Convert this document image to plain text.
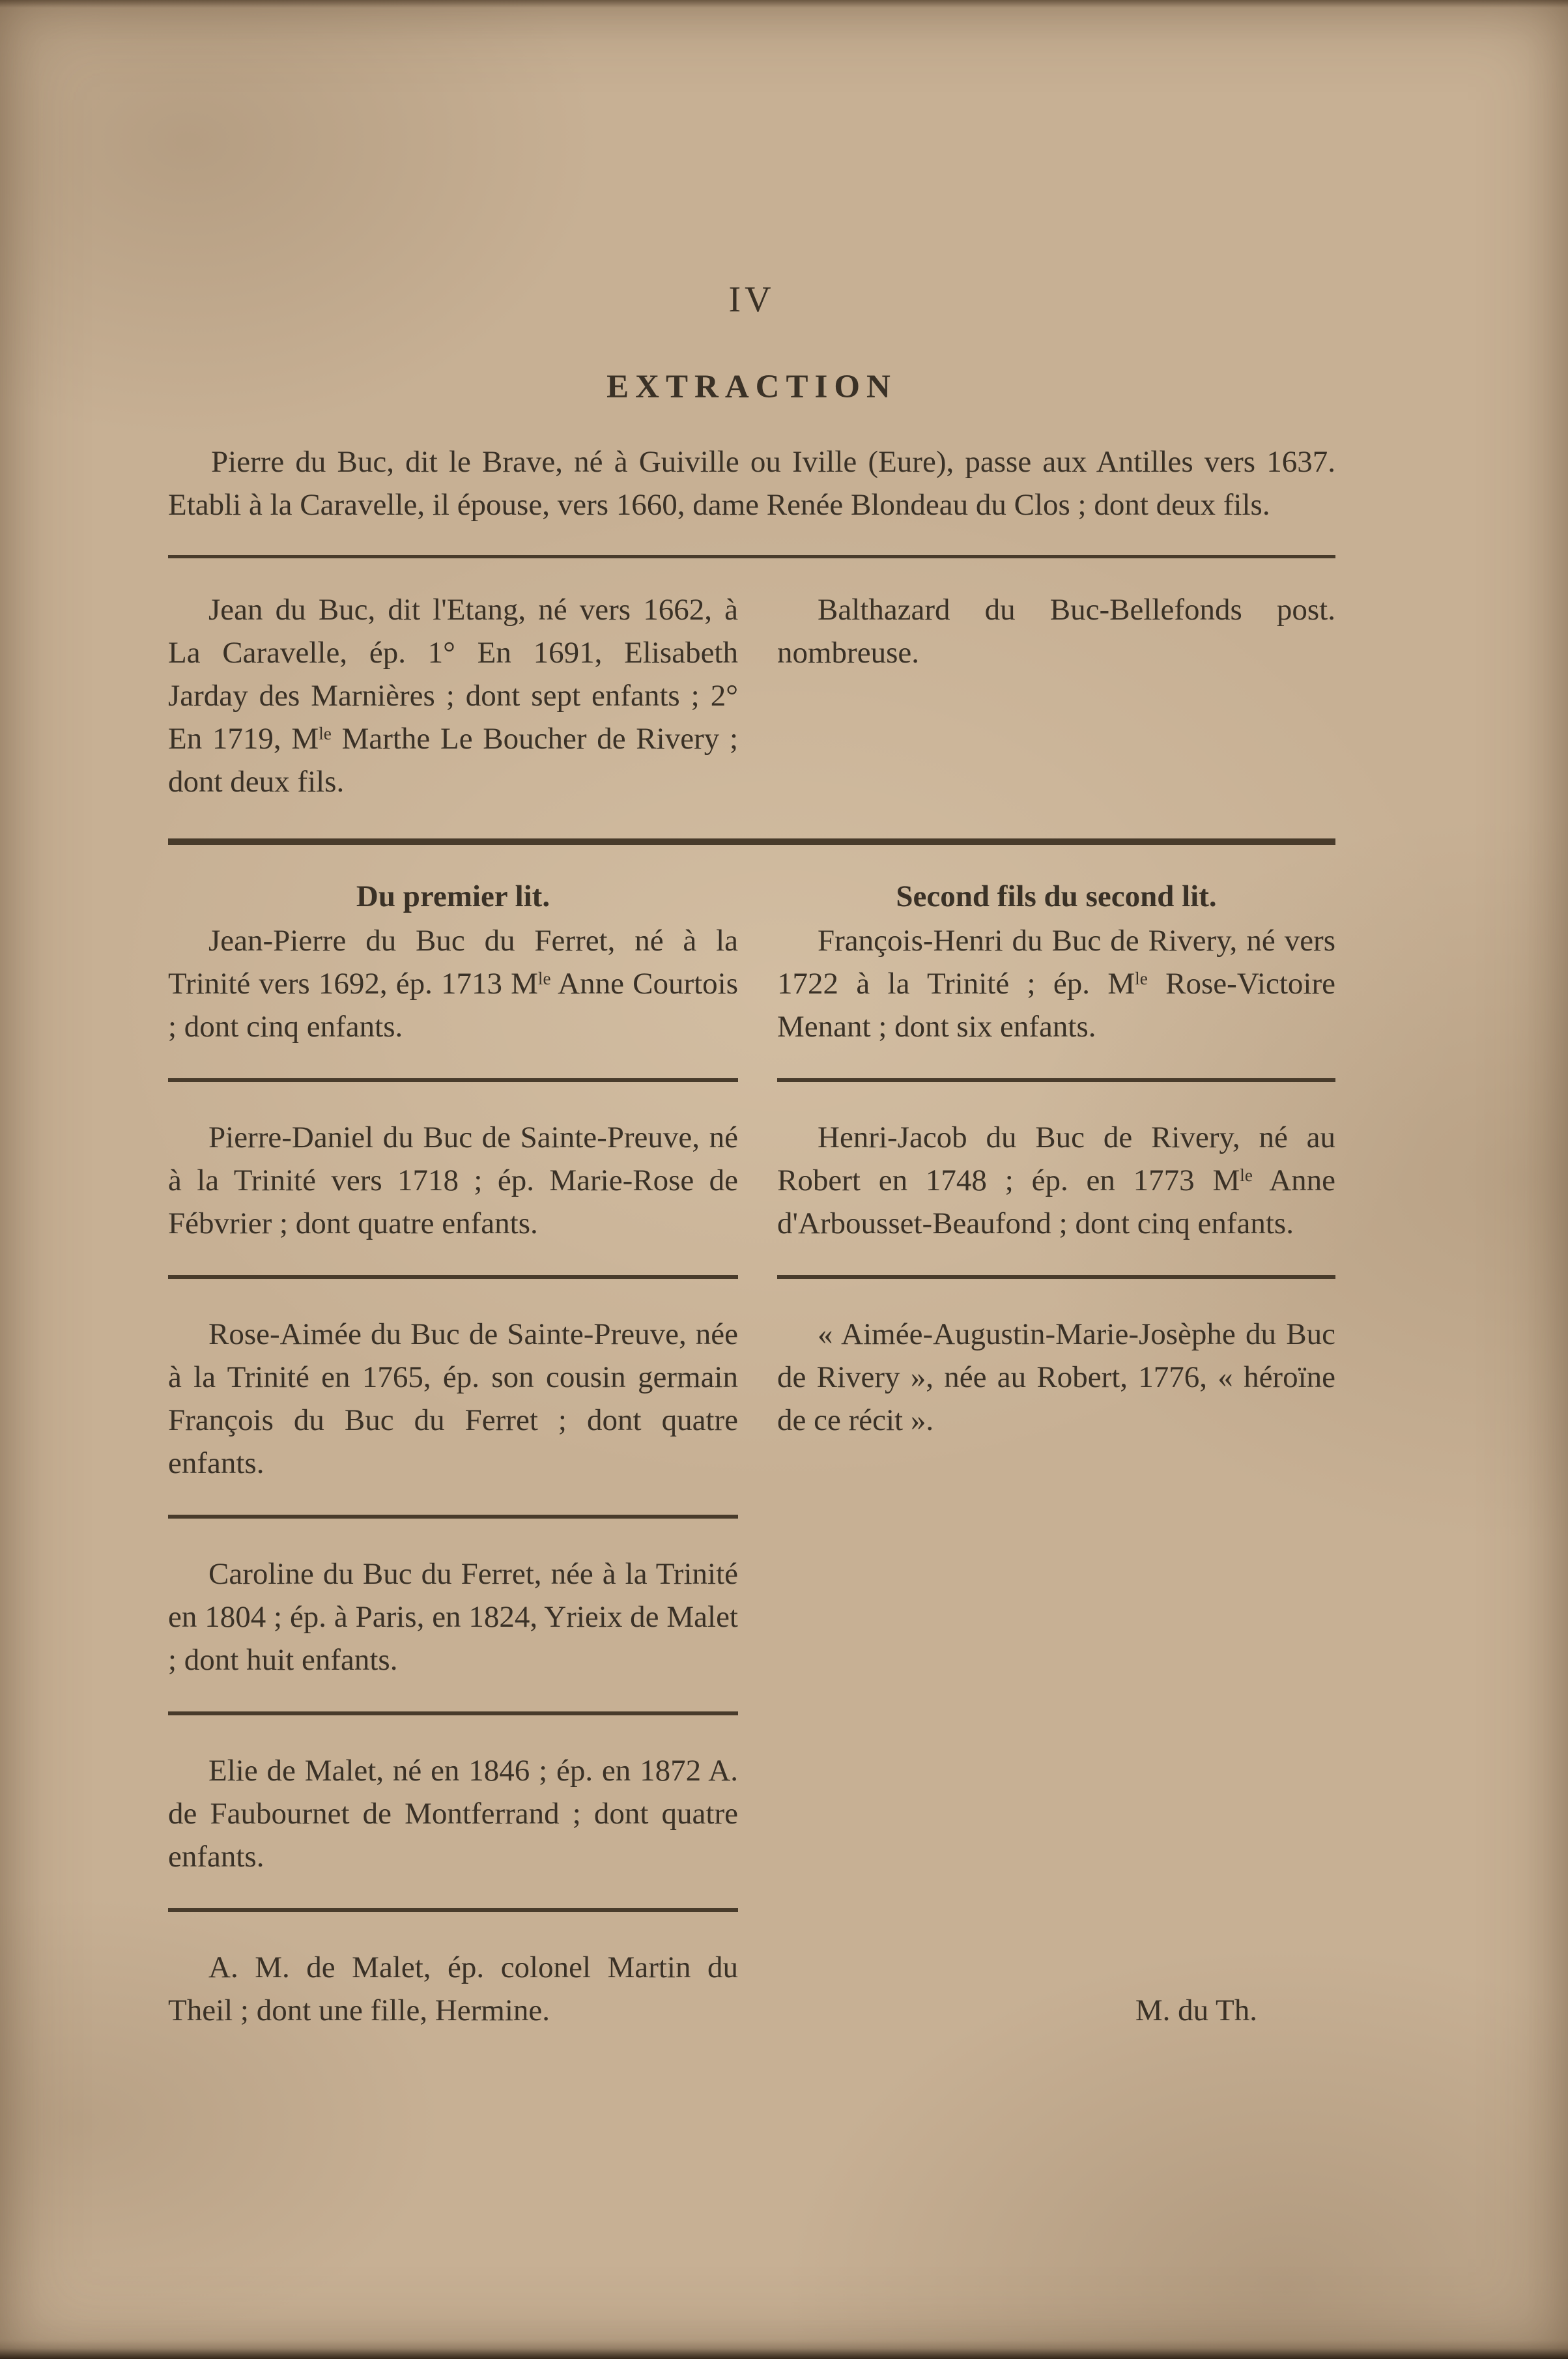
IV
EXTRACTION

Pierre du Buc, dit le Brave, né à Guiville ou Iville (Eure), passe aux Antilles vers 1637. Etabli à la Caravelle, il épouse, vers 1660, dame Renée Blondeau du Clos ; dont deux fils.

Jean du Buc, dit l'Etang, né vers 1662, à La Caravelle, ép. 1° En 1691, Elisabeth Jarday des Marnières ; dont sept enfants ; 2° En 1719, $M^{le}$ Marthe Le Boucher de Rivery ; dont deux fils.

Balthazard du Buc-Bellefonds post. nombreuse.

Du premier lit.

Jean-Pierre du Buc du Ferret, né à la Trinité vers 1692, ép. 1713 $M^{le}$ Anne Courtois ; dont cinq enfants.

Second fils du second lit.

François-Henri du Buc de Rivery, né vers 1722 à la Trinité ; ép. $M^{le}$ Rose-Victoire Menant ; dont six enfants.

Pierre-Daniel du Buc de Sainte-Preuve, né à la Trinité vers 1718 ; ép. Marie-Rose de Fébvrier ; dont quatre enfants.

Henri-Jacob du Buc de Rivery, né au Robert en 1748 ; ép. en 1773 $M^{le}$ Anne d'Arbousset-Beaufond ; dont cinq enfants.

Rose-Aimée du Buc de Sainte-Preuve, née à la Trinité en 1765, ép. son cousin germain François du Buc du Ferret ; dont quatre enfants.

« Aimée-Augustin-Marie-Josèphe du Buc de Rivery », née au Robert, 1776, « héroïne de ce récit ».

Caroline du Buc du Ferret, née à la Trinité en 1804 ; ép. à Paris, en 1824, Yrieix de Malet ; dont huit enfants.

Elie de Malet, né en 1846 ; ép. en 1872 A. de Faubournet de Montferrand ; dont quatre enfants.

A. M. de Malet, ép. colonel Martin du Theil ; dont une fille, Hermine.	M. du Th.
